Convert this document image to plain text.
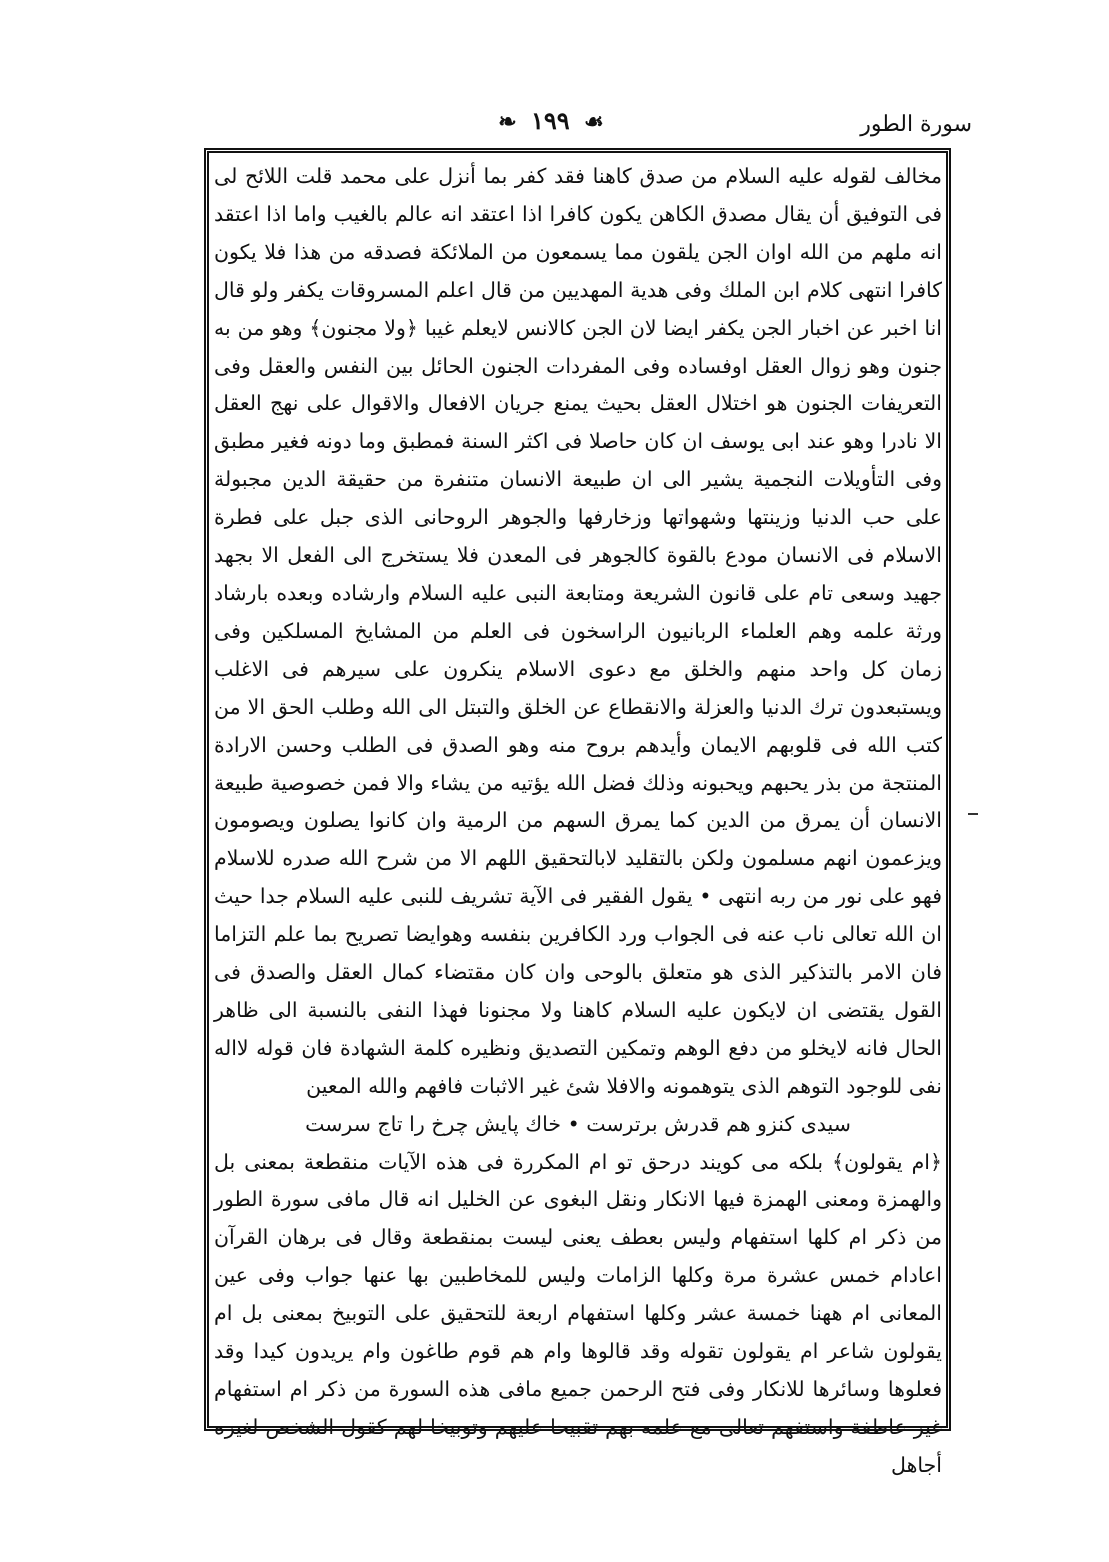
سورة الطور
❧ ١٩٩ ☙

مخالف لقوله عليه السلام من صدق كاهنا فقد كفر بما أنزل على محمد قلت اللائح لى فى التوفيق أن يقال مصدق الكاهن يكون كافرا اذا اعتقد انه عالم بالغيب واما اذا اعتقد انه ملهم من الله اوان الجن يلقون مما يسمعون من الملائكة فصدقه من هذا فلا يكون كافرا انتهى كلام ابن الملك وفى هدية المهديين من قال اعلم المسروقات يكفر ولو قال انا اخبر عن اخبار الجن يكفر ايضا لان الجن كالانس لايعلم غيبا ﴿ولا مجنون﴾ وهو من به جنون وهو زوال العقل اوفساده وفى المفردات الجنون الحائل بين النفس والعقل وفى التعريفات الجنون هو اختلال العقل بحيث يمنع جريان الافعال والاقوال على نهج العقل الا نادرا وهو عند ابى يوسف ان كان حاصلا فى اكثر السنة فمطبق وما دونه فغير مطبق وفى التأويلات النجمية يشير الى ان طبيعة الانسان متنفرة من حقيقة الدين مجبولة على حب الدنيا وزينتها وشهواتها وزخارفها والجوهر الروحانى الذى جبل على فطرة الاسلام فى الانسان مودع بالقوة كالجوهر فى المعدن فلا يستخرج الى الفعل الا بجهد جهيد وسعى تام على قانون الشريعة ومتابعة النبى عليه السلام وارشاده وبعده بارشاد ورثة علمه وهم العلماء الربانيون الراسخون فى العلم من المشايخ المسلكين وفى زمان كل واحد منهم والخلق مع دعوى الاسلام ينكرون على سيرهم فى الاغلب ويستبعدون ترك الدنيا والعزلة والانقطاع عن الخلق والتبتل الى الله وطلب الحق الا من كتب الله فى قلوبهم الايمان وأيدهم بروح منه وهو الصدق فى الطلب وحسن الارادة المنتجة من بذر يحبهم ويحبونه وذلك فضل الله يؤتيه من يشاء والا فمن خصوصية طبيعة الانسان أن يمرق من الدين كما يمرق السهم من الرمية وان كانوا يصلون ويصومون ويزعمون انهم مسلمون ولكن بالتقليد لابالتحقيق اللهم الا من شرح الله صدره للاسلام فهو على نور من ربه انتهى • يقول الفقير فى الآية تشريف للنبى عليه السلام جدا حيث ان الله تعالى ناب عنه فى الجواب ورد الكافرين بنفسه وهوايضا تصريح بما علم التزاما فان الامر بالتذكير الذى هو متعلق بالوحى وان كان مقتضاء كمال العقل والصدق فى القول يقتضى ان لايكون عليه السلام كاهنا ولا مجنونا فهذا النفى بالنسبة الى ظاهر الحال فانه لايخلو من دفع الوهم وتمكين التصديق ونظيره كلمة الشهادة فان قوله لااله نفى للوجود التوهم الذى يتوهمونه والافلا شئ غير الاثبات فافهم والله المعين

سيدى كنزو هم قدرش برترست • خاك پايش چرخ را تاج سرست

﴿ام يقولون﴾ بلكه مى كويند درحق تو ام المكررة فى هذه الآيات منقطعة بمعنى بل والهمزة ومعنى الهمزة فيها الانكار ونقل البغوى عن الخليل انه قال مافى سورة الطور من ذكر ام كلها استفهام وليس بعطف يعنى ليست بمنقطعة وقال فى برهان القرآن اعادام خمس عشرة مرة وكلها الزامات وليس للمخاطبين بها عنها جواب وفى عين المعانى ام ههنا خمسة عشر وكلها استفهام اربعة للتحقيق على التوبيخ بمعنى بل ام يقولون شاعر ام يقولون تقوله وقد قالوها وام هم قوم طاغون وام يريدون كيدا وقد فعلوها وسائرها للانكار وفى فتح الرحمن جميع مافى هذه السورة من ذكر ام استفهام غير عاطفة واستفهم تعالى مع علمه بهم تقبيحا عليهم وتوبيخا لهم كقول الشخص لغيره أجاهل
